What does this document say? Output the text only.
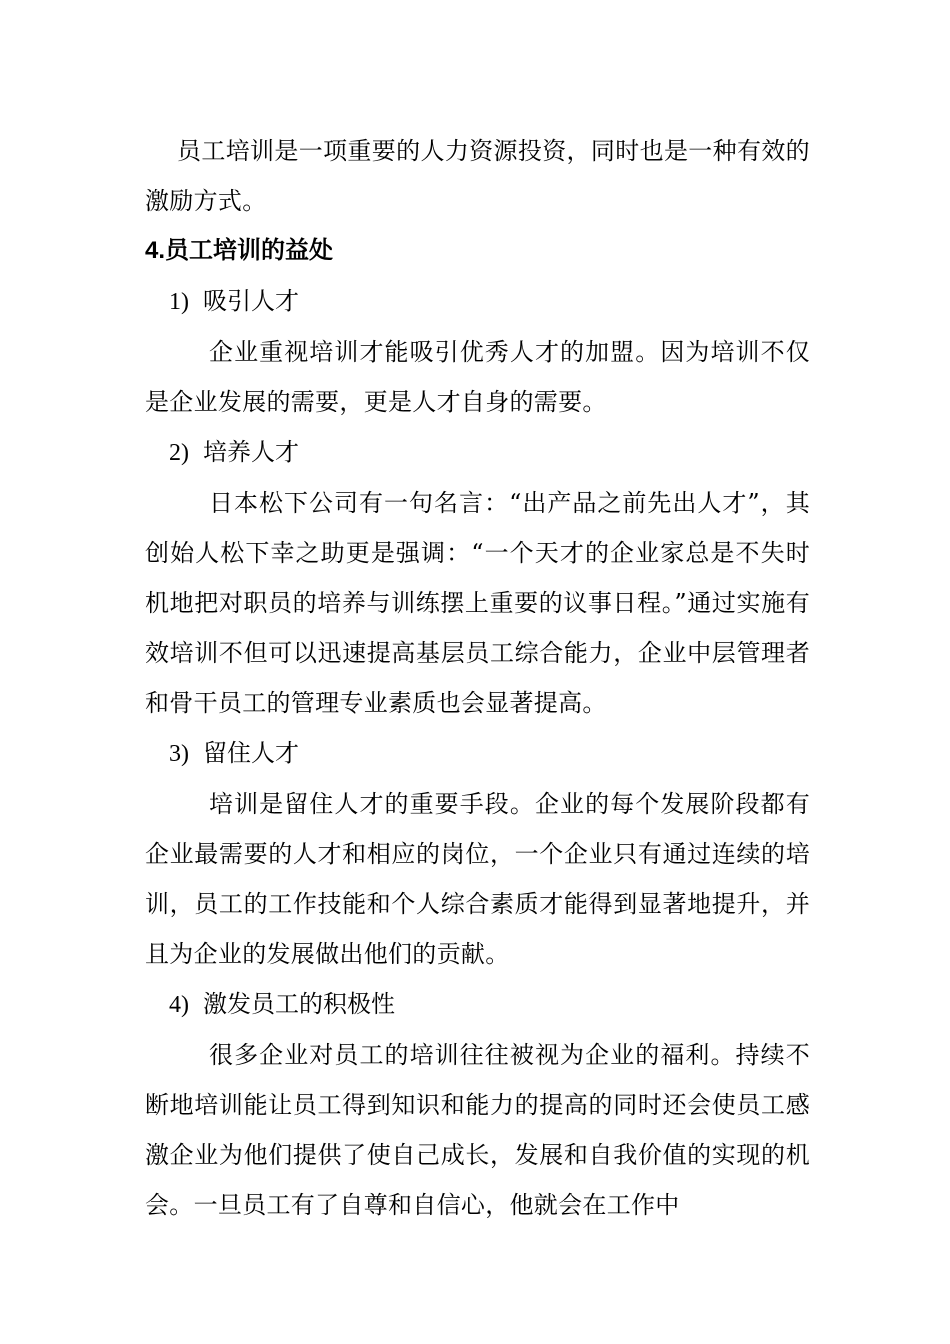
员工培训是一项重要的人力资源投资，同时也是一种有效的激励方式。

4.员工培训的益处
1) 吸引人才

企业重视培训才能吸引优秀人才的加盟。因为培训不仅是企业发展的需要，更是人才自身的需要。

2) 培养人才

日本松下公司有一句名言：“出产品之前先出人才”，其创始人松下幸之助更是强调：“一个天才的企业家总是不失时机地把对职员的培养与训练摆上重要的议事日程。”通过实施有效培训不但可以迅速提高基层员工综合能力，企业中层管理者和骨干员工的管理专业素质也会显著提高。

3) 留住人才

培训是留住人才的重要手段。企业的每个发展阶段都有企业最需要的人才和相应的岗位，一个企业只有通过连续的培训，员工的工作技能和个人综合素质才能得到显著地提升，并且为企业的发展做出他们的贡献。

4) 激发员工的积极性

很多企业对员工的培训往往被视为企业的福利。持续不断地培训能让员工得到知识和能力的提高的同时还会使员工感激企业为他们提供了使自己成长，发展和自我价值的实现的机会。一旦员工有了自尊和自信心，他就会在工作中
